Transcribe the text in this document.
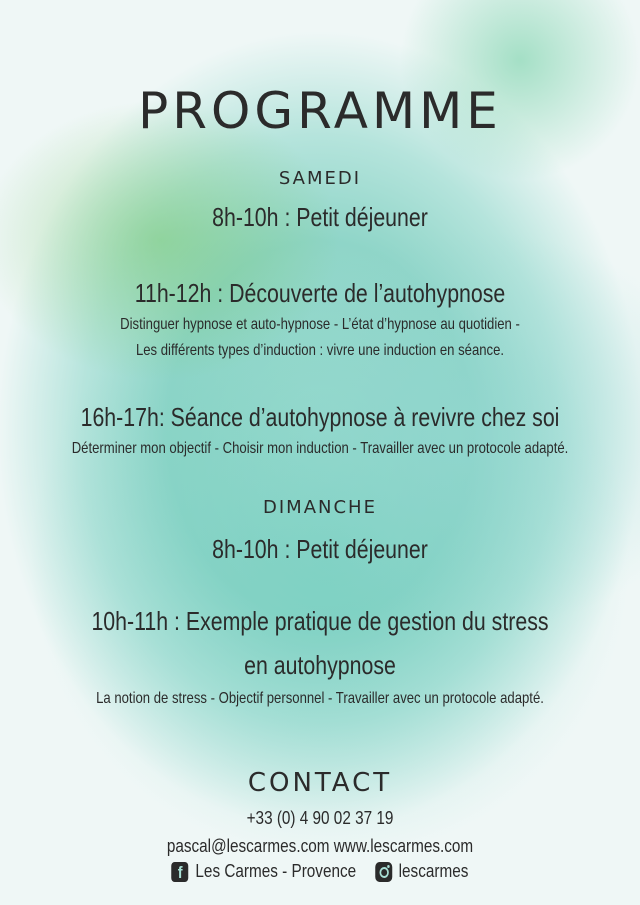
PROGRAMME
SAMEDI
8h-10h : Petit déjeuner
11h-12h : Découverte de l’autohypnose
Distinguer hypnose et auto-hypnose - L’état d’hypnose au quotidien -
Les différents types d’induction : vivre une induction en séance.
16h-17h: Séance d’autohypnose à revivre chez soi
Déterminer mon objectif - Choisir mon induction - Travailler avec un protocole adapté.
DIMANCHE
8h-10h : Petit déjeuner
10h-11h : Exemple pratique de gestion du stress
en autohypnose
La notion de stress - Objectif personnel - Travailler avec un protocole adapté.
CONTACT
+33 (0) 4 90 02 37 19
pascal@lescarmes.com www.lescarmes.com
f Les Carmes - Provence lescarmes
